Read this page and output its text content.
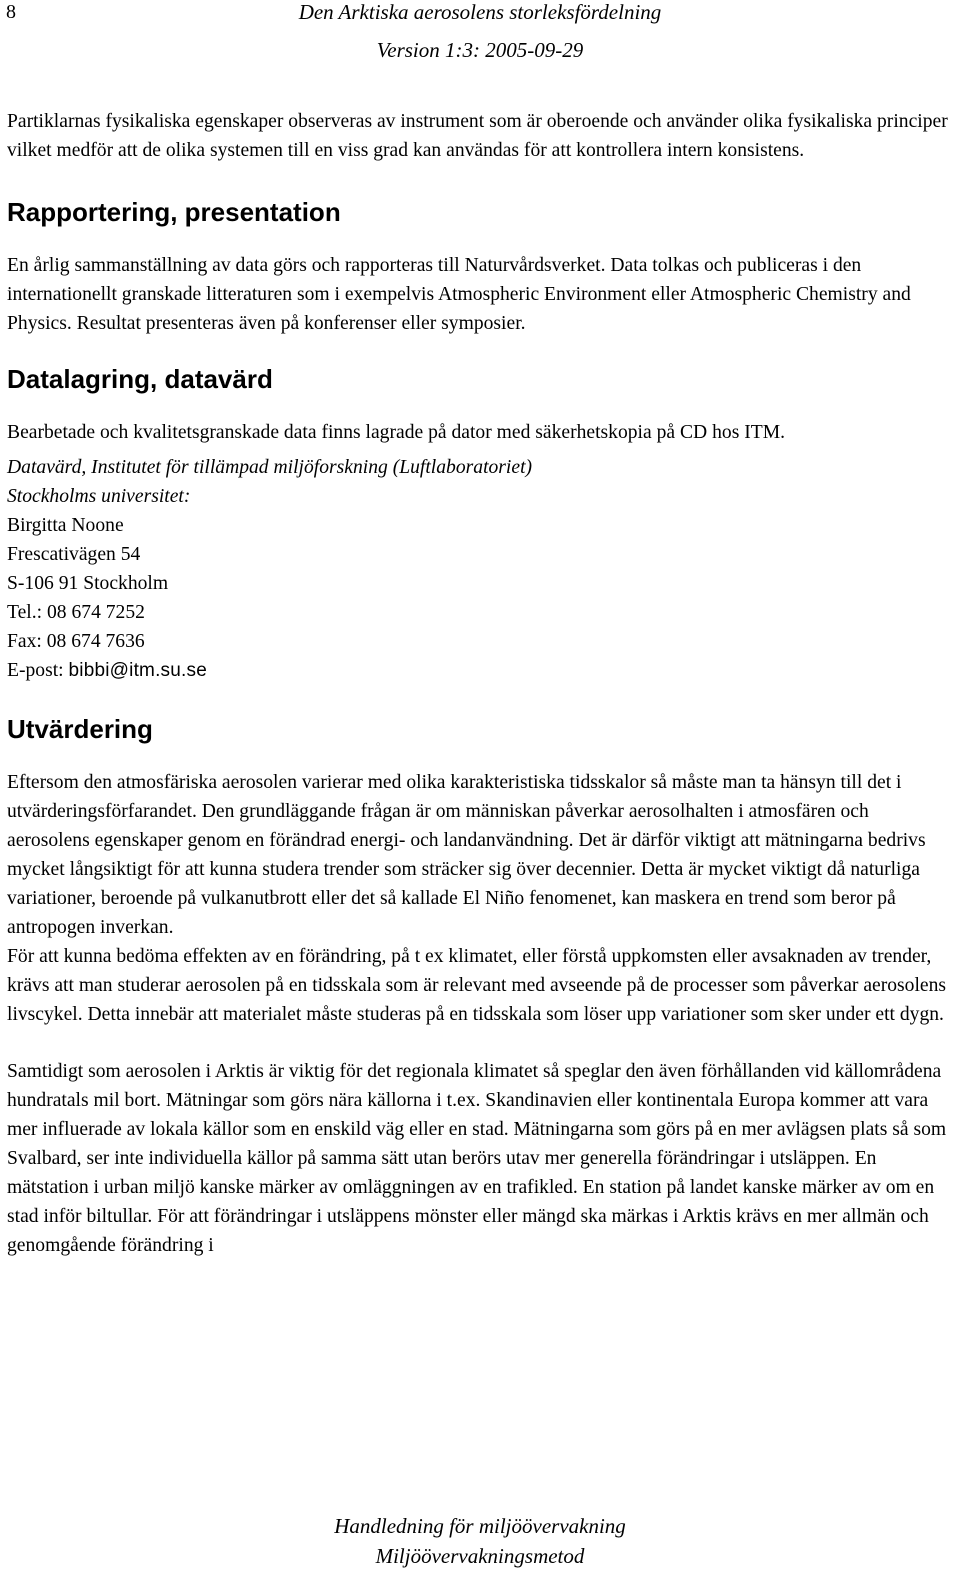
8	Den Arktiska aerosolens storleksfördelning
Version 1:3: 2005-09-29

Partiklarnas fysikaliska egenskaper observeras av instrument som är oberoende och använder olika fysikaliska principer vilket medför att de olika systemen till en viss grad kan användas för att kontrollera intern konsistens.

Rapportering, presentation

En årlig sammanställning av data görs och rapporteras till Naturvårdsverket. Data tolkas och publiceras i den internationellt granskade litteraturen som i exempelvis Atmospheric Environment eller Atmospheric Chemistry and Physics. Resultat presenteras även på konferenser eller symposier.

Datalagring, datavärd

Bearbetade och kvalitetsgranskade data finns lagrade på dator med säkerhetskopia på CD hos ITM.

Datavärd, Institutet för tillämpad miljöforskning (Luftlaboratoriet)

Stockholms universitet:

Birgitta Noone

Frescativägen 54

S-106 91 Stockholm

Tel.: 08 674 7252

Fax: 08 674 7636

E-post: bibbi@itm.su.se

Utvärdering

Eftersom den atmosfäriska aerosolen varierar med olika karakteristiska tidsskalor så måste man ta hänsyn till det i utvärderingsförfarandet. Den grundläggande frågan är om människan påverkar aerosolhalten i atmosfären och aerosolens egenskaper genom en förändrad energi- och landanvändning. Det är därför viktigt att mätningarna bedrivs mycket långsiktigt för att kunna studera trender som sträcker sig över decennier. Detta är mycket viktigt då naturliga variationer, beroende på vulkanutbrott eller det så kallade El Niño fenomenet, kan maskera en trend som beror på antropogen inverkan.

För att kunna bedöma effekten av en förändring, på t ex klimatet, eller förstå uppkomsten eller avsaknaden av trender, krävs att man studerar aerosolen på en tidsskala som är relevant med avseende på de processer som påverkar aerosolens livscykel. Detta innebär att materialet måste studeras på en tidsskala som löser upp variationer som sker under ett dygn.

Samtidigt som aerosolen i Arktis är viktig för det regionala klimatet så speglar den även förhållanden vid källområdena hundratals mil bort. Mätningar som görs nära källorna i t.ex. Skandinavien eller kontinentala Europa kommer att vara mer influerade av lokala källor som en enskild väg eller en stad. Mätningarna som görs på en mer avlägsen plats så som Svalbard, ser inte individuella källor på samma sätt utan berörs utav mer generella förändringar i utsläppen. En mätstation i urban miljö kanske märker av omläggningen av en trafikled. En station på landet kanske märker av om en stad inför biltullar. För att förändringar i utsläppens mönster eller mängd ska märkas i Arktis krävs en mer allmän och genomgående förändring i

Handledning för miljöövervakning
Miljöövervakningsmetod
